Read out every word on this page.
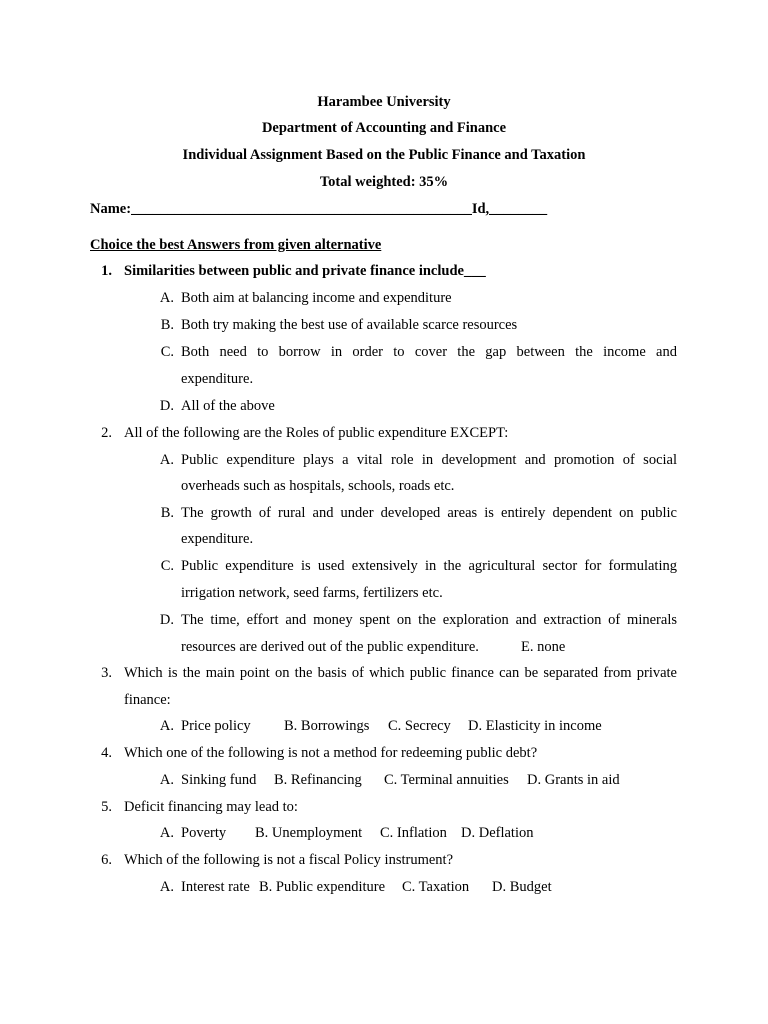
Harambee University
Department of Accounting and Finance
Individual Assignment Based on the Public Finance and Taxation
Total weighted: 35%
Name:_______________________________________________Id,________
Choice the best Answers from given alternative
1. Similarities between public and private finance include___
A. Both aim at balancing income and expenditure
B. Both try making the best use of available scarce resources
C. Both need to borrow in order to cover the gap between the income and
expenditure.
D. All of the above
2. All of the following are the Roles of public expenditure EXCEPT:
A. Public expenditure plays a vital role in development and promotion of social
overheads such as hospitals, schools, roads etc.
B. The growth of rural and under developed areas is entirely dependent on public
expenditure.
C. Public expenditure is used extensively in the agricultural sector for formulating
irrigation network, seed farms, fertilizers etc.
D. The time, effort and money spent on the exploration and extraction of minerals
resources are derived out of the public expenditure.	E. none
3. Which is the main point on the basis of which public finance can be separated from private
finance:
A. Price policy B. Borrowings C. Secrecy D. Elasticity in income
4. Which one of the following is not a method for redeeming public debt?
A. Sinking fund B. Refinancing C. Terminal annuities D. Grants in aid
5. Deficit financing may lead to:
A. Poverty B. Unemployment C. Inflation D. Deflation
6. Which of the following is not a fiscal Policy instrument?
A. Interest rate B. Public expenditure C. Taxation D. Budget
